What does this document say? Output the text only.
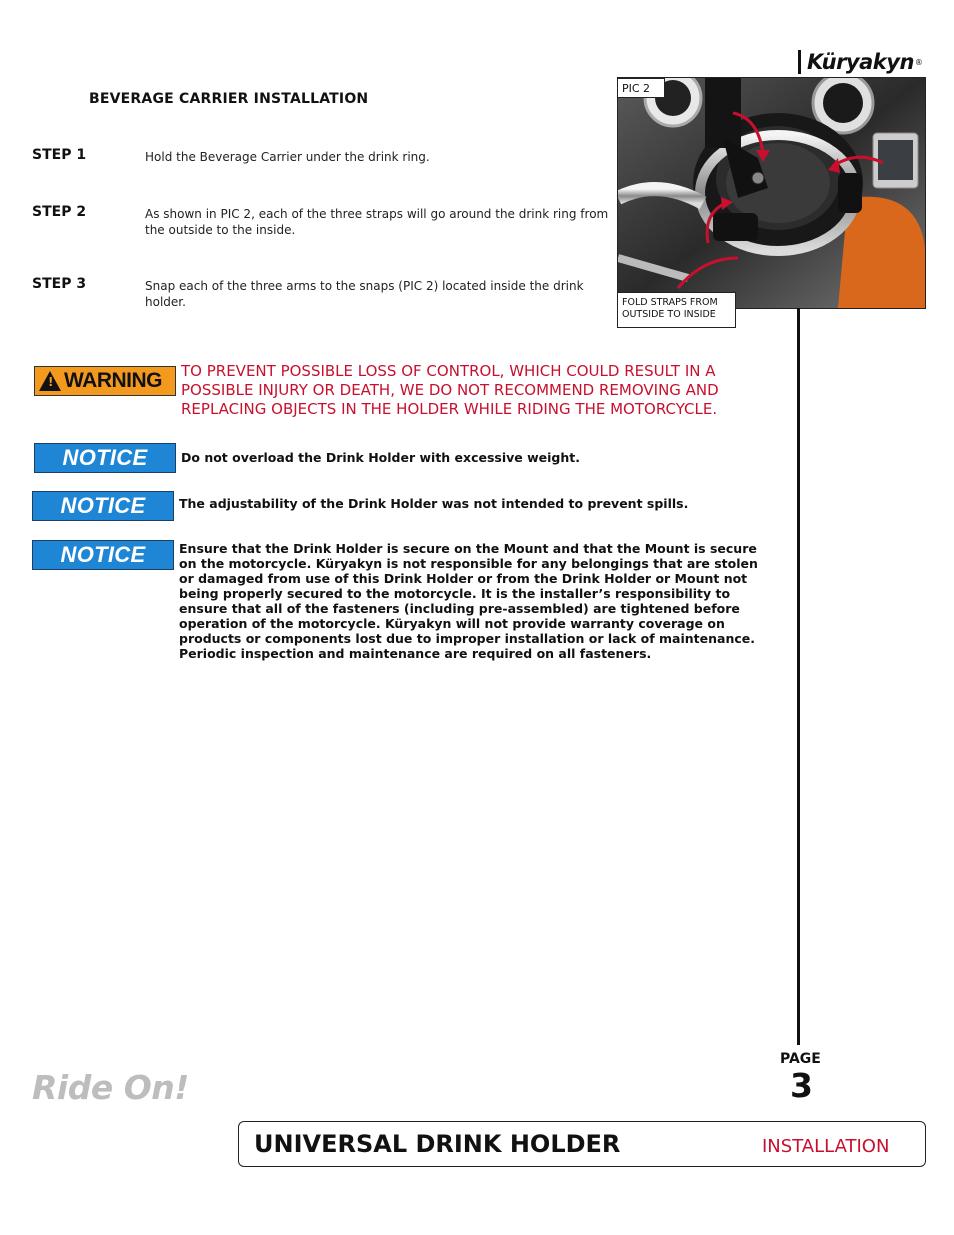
Küryakyn ®
BEVERAGE CARRIER INSTALLATION
STEP 1	Hold the Beverage Carrier under the drink ring.
STEP 2	As shown in PIC 2, each of the three straps will go around the drink ring from the outside to the inside.
STEP 3	Snap each of the three arms to the snaps (PIC 2) located inside the drink holder.
PIC 2
FOLD STRAPS FROM OUTSIDE TO INSIDE
! WARNING TO PREVENT POSSIBLE LOSS OF CONTROL, WHICH COULD RESULT IN A POSSIBLE INJURY OR DEATH, WE DO NOT RECOMMEND REMOVING AND REPLACING OBJECTS IN THE HOLDER WHILE RIDING THE MOTORCYCLE.
NOTICE	Do not overload the Drink Holder with excessive weight.
NOTICE	The adjustability of the Drink Holder was not intended to prevent spills.
NOTICE	Ensure that the Drink Holder is secure on the Mount and that the Mount is secure on the motorcycle. Küryakyn is not responsible for any belongings that are stolen or damaged from use of this Drink Holder or from the Drink Holder or Mount not being properly secured to the motorcycle. It is the installer’s responsibility to ensure that all of the fasteners (including pre-assembled) are tightened before operation of the motorcycle. Küryakyn will not provide warranty coverage on products or components lost due to improper installation or lack of maintenance. Periodic inspection and maintenance are required on all fasteners.
Ride On!
PAGE
3
UNIVERSAL DRINK HOLDER	INSTALLATION
